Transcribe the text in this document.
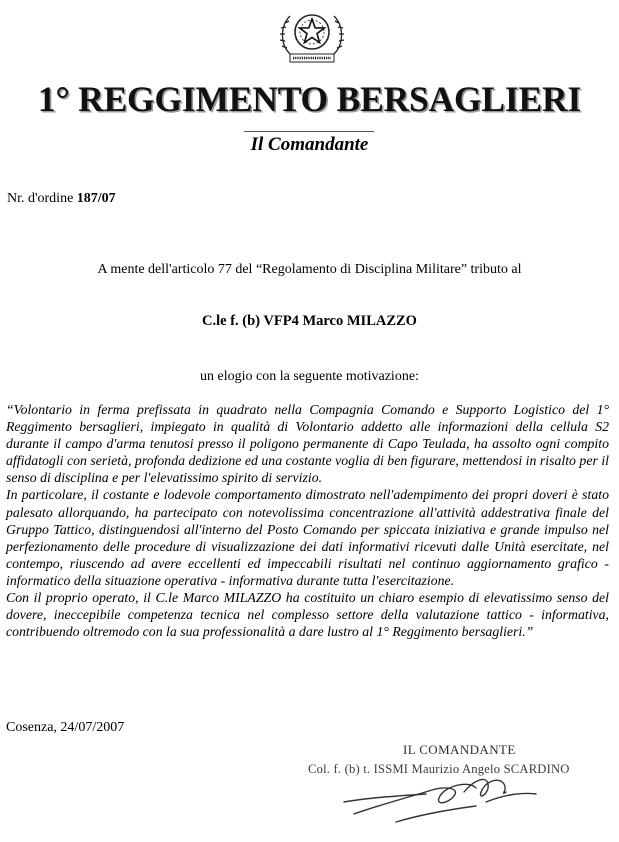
1° REGGIMENTO BERSAGLIERI
Il Comandante
Nr. d'ordine 187/07
A mente dell'articolo 77 del “Regolamento di Disciplina Militare” tributo al
C.le f. (b) VFP4 Marco MILAZZO
un elogio con la seguente motivazione:

“Volontario in ferma prefissata in quadrato nella Compagnia Comando e Supporto Logistico del 1° Reggimento bersaglieri, impiegato in qualità di Volontario addetto alle informazioni della cellula S2 durante il campo d'arma tenutosi presso il poligono permanente di Capo Teulada, ha assolto ogni compito affidatogli con serietà, profonda dedizione ed una costante voglia di ben figurare, mettendosi in risalto per il senso di disciplina e per l'elevatissimo spirito di servizio.

In particolare, il costante e lodevole comportamento dimostrato nell'adempimento dei propri doveri è stato palesato allorquando, ha partecipato con notevolissima concentrazione all'attività addestrativa finale del Gruppo Tattico, distinguendosi all'interno del Posto Comando per spiccata iniziativa e grande impulso nel perfezionamento delle procedure di visualizzazione dei dati informativi ricevuti dalle Unità esercitate, nel contempo, riuscendo ad avere eccellenti ed impeccabili risultati nel continuo aggiornamento grafico - informatico della situazione operativa - informativa durante tutta l'esercitazione.

Con il proprio operato, il C.le Marco MILAZZO ha costituito un chiaro esempio di elevatissimo senso del dovere, ineccepibile competenza tecnica nel complesso settore della valutazione tattico - informativa, contribuendo oltremodo con la sua professionalità a dare lustro al 1° Reggimento bersaglieri.”

Cosenza, 24/07/2007
IL COMANDANTE
Col. f. (b) t. ISSMI Maurizio Angelo SCARDINO
